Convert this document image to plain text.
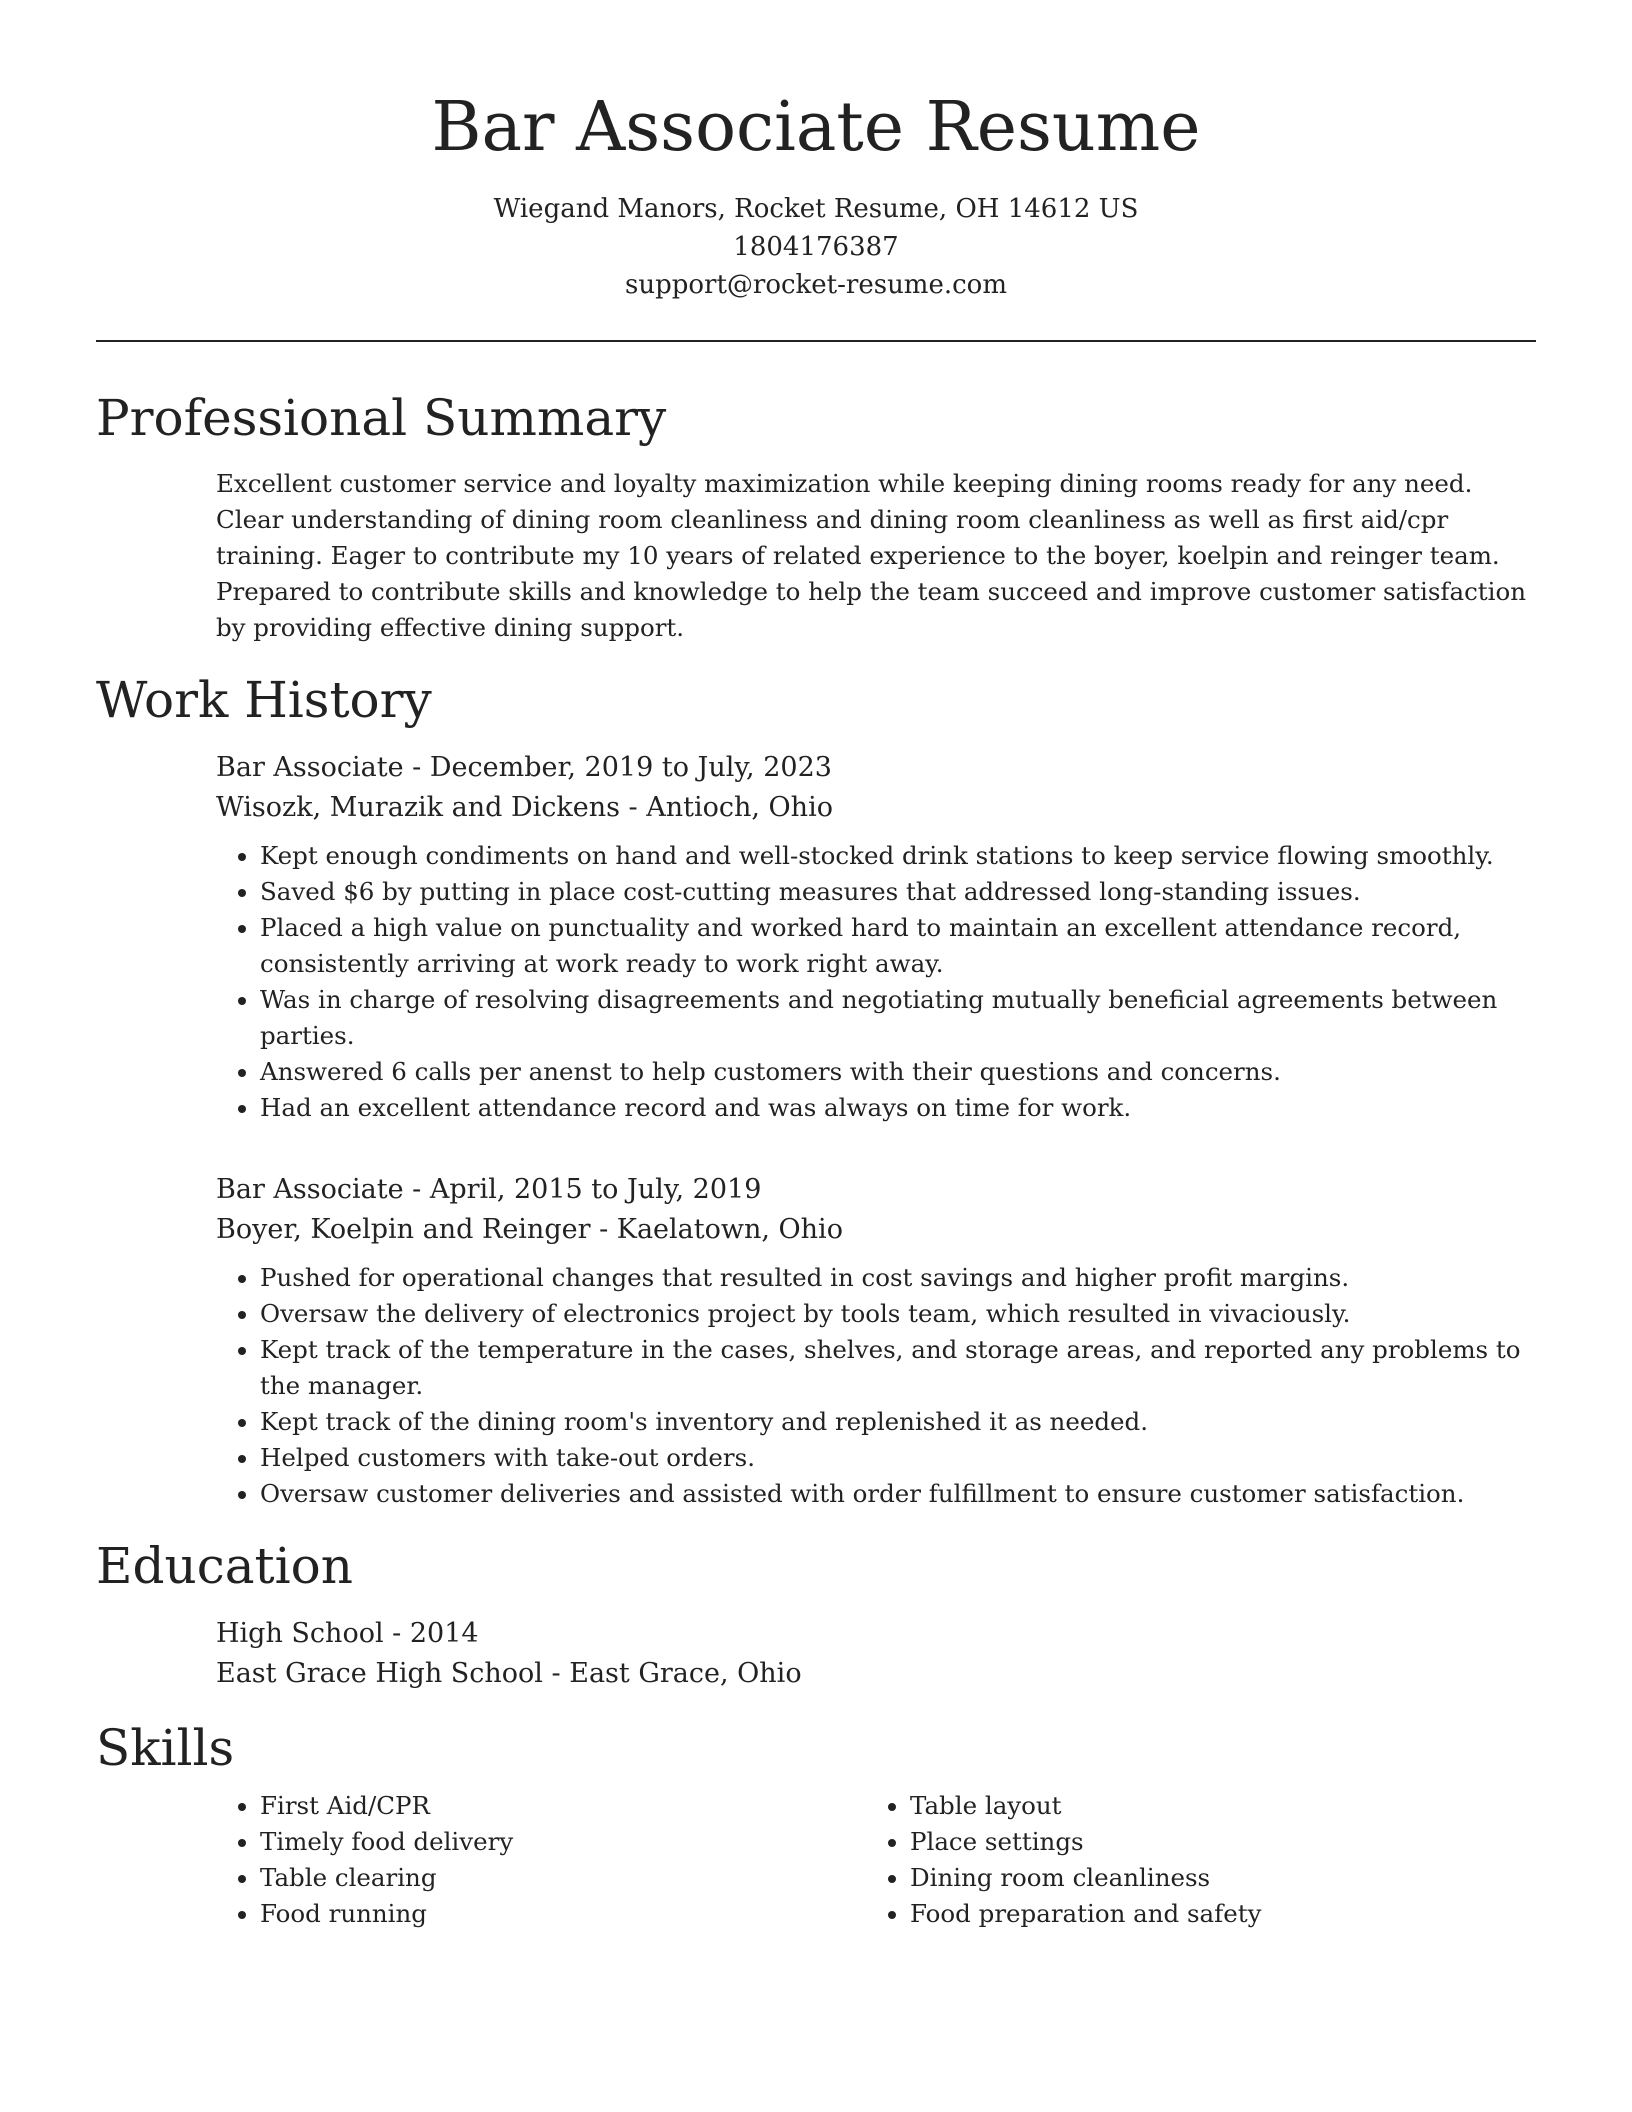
Bar Associate Resume
Wiegand Manors, Rocket Resume, OH 14612 US
1804176387
support@rocket-resume.com
Professional Summary
Excellent customer service and loyalty maximization while keeping dining rooms ready for any need. Clear understanding of dining room cleanliness and dining room cleanliness as well as first aid/cpr training. Eager to contribute my 10 years of related experience to the boyer, koelpin and reinger team. Prepared to contribute skills and knowledge to help the team succeed and improve customer satisfaction by providing effective dining support.
Work History
Bar Associate - December, 2019 to July, 2023
Wisozk, Murazik and Dickens - Antioch, Ohio
• Kept enough condiments on hand and well-stocked drink stations to keep service flowing smoothly.
• Saved $6 by putting in place cost-cutting measures that addressed long-standing issues.
• Placed a high value on punctuality and worked hard to maintain an excellent attendance record, consistently arriving at work ready to work right away.
• Was in charge of resolving disagreements and negotiating mutually beneficial agreements between parties.
• Answered 6 calls per anenst to help customers with their questions and concerns.
• Had an excellent attendance record and was always on time for work.
Bar Associate - April, 2015 to July, 2019
Boyer, Koelpin and Reinger - Kaelatown, Ohio
• Pushed for operational changes that resulted in cost savings and higher profit margins.
• Oversaw the delivery of electronics project by tools team, which resulted in vivaciously.
• Kept track of the temperature in the cases, shelves, and storage areas, and reported any problems to the manager.
• Kept track of the dining room's inventory and replenished it as needed.
• Helped customers with take-out orders.
• Oversaw customer deliveries and assisted with order fulfillment to ensure customer satisfaction.
Education
High School - 2014
East Grace High School - East Grace, Ohio
Skills
• First Aid/CPR
• Timely food delivery
• Table clearing
• Food running
• Table layout
• Place settings
• Dining room cleanliness
• Food preparation and safety
